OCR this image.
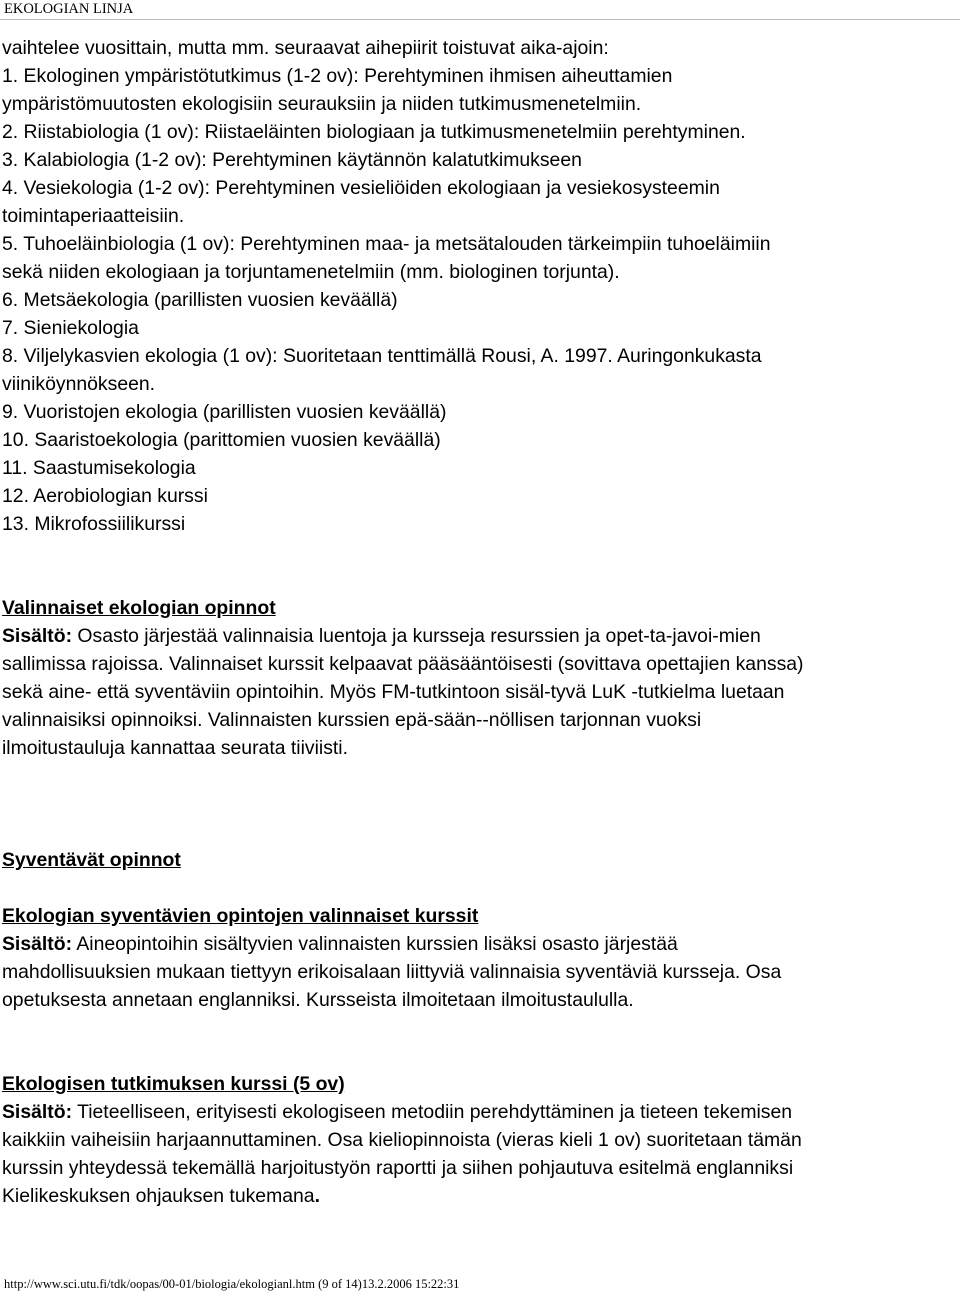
EKOLOGIAN LINJA
vaihtelee vuosittain, mutta mm. seuraavat aihepiirit toistuvat aika-ajoin:
1. Ekologinen ympäristötutkimus (1-2 ov): Perehtyminen ihmisen aiheuttamien
ympäristömuutosten ekologisiin seurauksiin ja niiden tutkimusmenetelmiin.
2. Riistabiologia (1 ov): Riistaeläinten biologiaan ja tutkimusmenetelmiin perehtyminen.
3. Kalabiologia (1-2 ov): Perehtyminen käytännön kalatutkimukseen
4. Vesiekologia (1-2 ov): Perehtyminen vesieliöiden ekologiaan ja vesiekosysteemin
toimintaperiaatteisiin.
5. Tuhoeläinbiologia (1 ov): Perehtyminen maa- ja metsätalouden tärkeimpiin tuhoeläimiin
sekä niiden ekologiaan ja torjuntamenetelmiin (mm. biologinen torjunta).
6. Metsäekologia (parillisten vuosien keväällä)
7. Sieniekologia
8. Viljelykasvien ekologia (1 ov): Suoritetaan tenttimällä Rousi, A. 1997. Auringonkukasta
viiniköynnökseen.
9. Vuoristojen ekologia (parillisten vuosien keväällä)
10. Saaristoekologia (parittomien vuosien keväällä)
11. Saastumisekologia
12. Aerobiologian kurssi
13. Mikrofossiilikurssi
Valinnaiset ekologian opinnot
Sisältö: Osasto järjestää valinnaisia luentoja ja kursseja resurssien ja opet-ta-javoi-mien
sallimissa rajoissa. Valinnaiset kurssit kelpaavat pääsääntöisesti (sovittava opettajien kanssa)
sekä aine- että syventäviin opintoihin. Myös FM-tutkintoon sisäl-tyvä LuK -tutkielma luetaan
valinnaisiksi opinnoiksi. Valinnaisten kurssien epä-sään--nöllisen tarjonnan vuoksi
ilmoitustauluja kannattaa seurata tiiviisti.
Syventävät opinnot
Ekologian syventävien opintojen valinnaiset kurssit
Sisältö: Aineopintoihin sisältyvien valinnaisten kurssien lisäksi osasto järjestää
mahdollisuuksien mukaan tiettyyn erikoisalaan liittyviä valinnaisia syventäviä kursseja. Osa
opetuksesta annetaan englanniksi. Kursseista ilmoitetaan ilmoitustaululla.
Ekologisen tutkimuksen kurssi (5 ov)
Sisältö: Tieteelliseen, erityisesti ekologiseen metodiin perehdyttäminen ja tieteen tekemisen
kaikkiin vaiheisiin harjaannuttaminen. Osa kieliopinnoista (vieras kieli 1 ov) suoritetaan tämän
kurssin yhteydessä tekemällä harjoitustyön raportti ja siihen pohjautuva esitelmä englanniksi
Kielikeskuksen ohjauksen tukemana.
http://www.sci.utu.fi/tdk/oopas/00-01/biologia/ekologianl.htm (9 of 14)13.2.2006 15:22:31
